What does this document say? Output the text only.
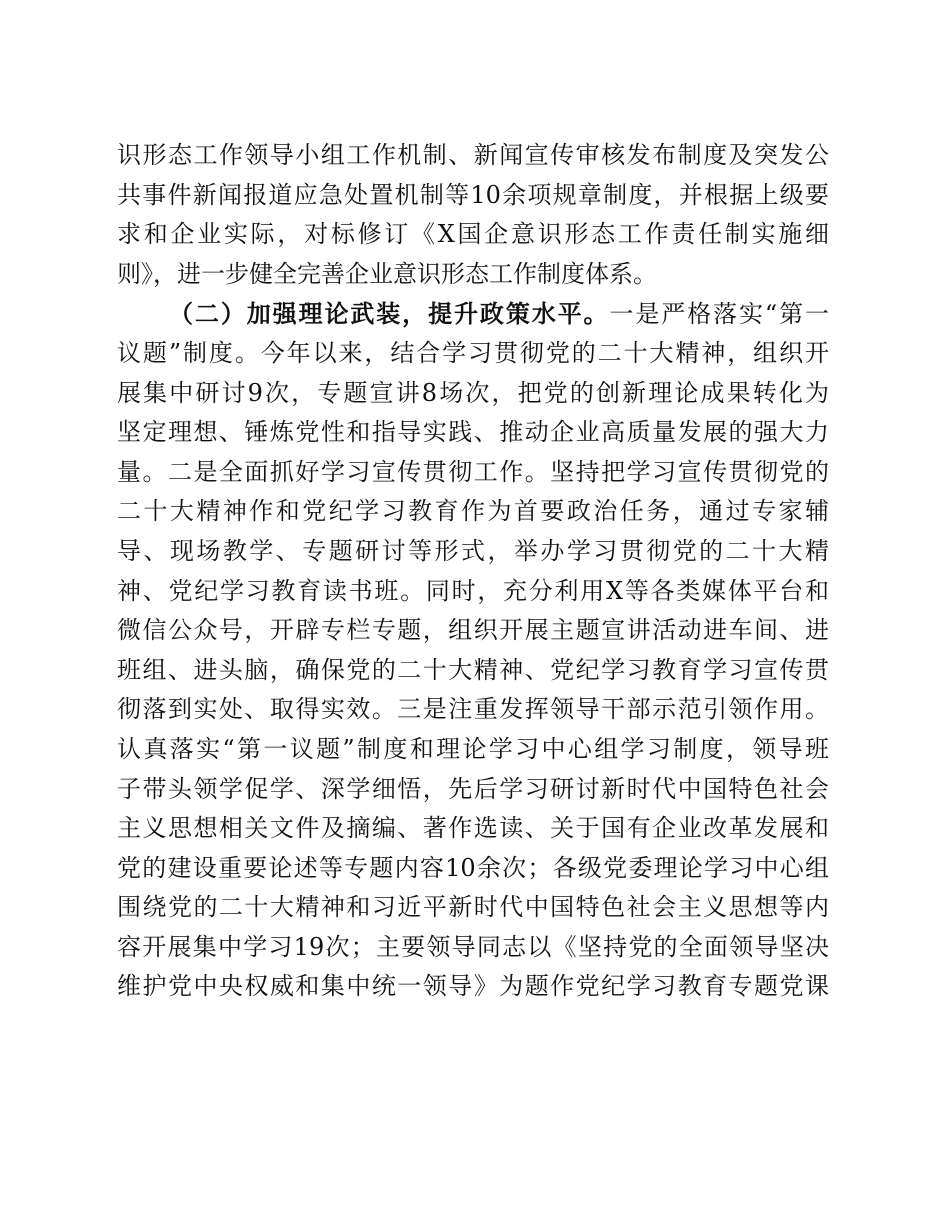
识形态工作领导小组工作机制、新闻宣传审核发布制度及突发公
共事件新闻报道应急处置机制等10余项规章制度，并根据上级要
求和企业实际，对标修订《X国企意识形态工作责任制实施细
则》，进一步健全完善企业意识形态工作制度体系。
（二）加强理论武装，提升政策水平。一是严格落实“第一
议题”制度。今年以来，结合学习贯彻党的二十大精神，组织开
展集中研讨9次，专题宣讲8场次，把党的创新理论成果转化为
坚定理想、锤炼党性和指导实践、推动企业高质量发展的强大力
量。二是全面抓好学习宣传贯彻工作。坚持把学习宣传贯彻党的
二十大精神作和党纪学习教育作为首要政治任务，通过专家辅
导、现场教学、专题研讨等形式，举办学习贯彻党的二十大精
神、党纪学习教育读书班。同时，充分利用X等各类媒体平台和
微信公众号，开辟专栏专题，组织开展主题宣讲活动进车间、进
班组、进头脑，确保党的二十大精神、党纪学习教育学习宣传贯
彻落到实处、取得实效。三是注重发挥领导干部示范引领作用。
认真落实“第一议题”制度和理论学习中心组学习制度，领导班
子带头领学促学、深学细悟，先后学习研讨新时代中国特色社会
主义思想相关文件及摘编、著作选读、关于国有企业改革发展和
党的建设重要论述等专题内容10余次；各级党委理论学习中心组
围绕党的二十大精神和习近平新时代中国特色社会主义思想等内
容开展集中学习19次；主要领导同志以《坚持党的全面领导坚决
维护党中央权威和集中统一领导》为题作党纪学习教育专题党课
